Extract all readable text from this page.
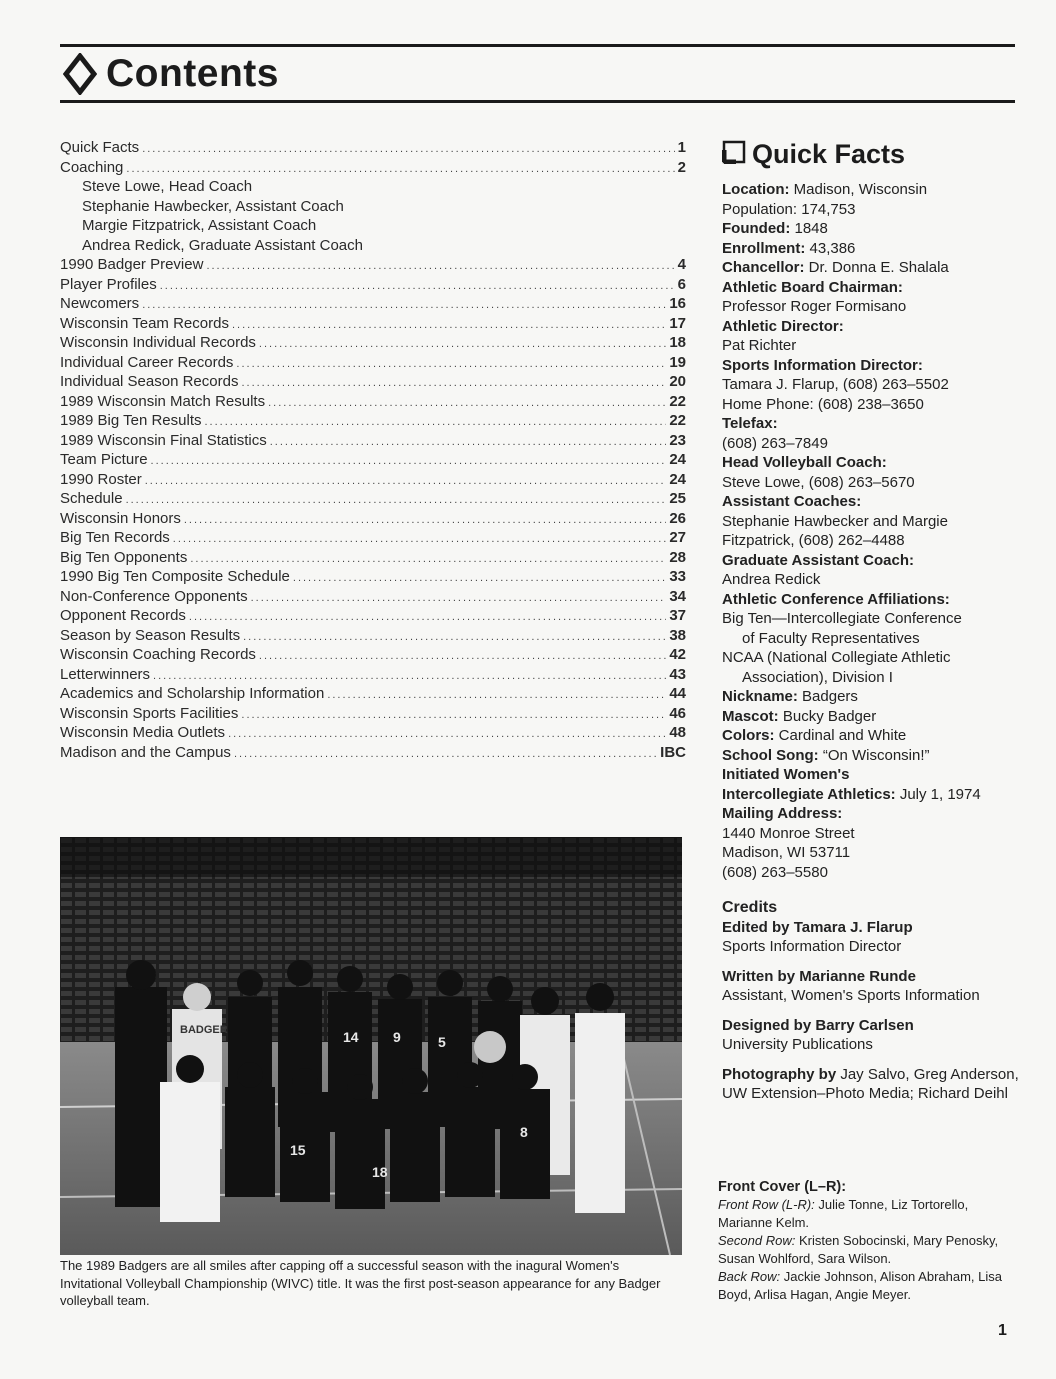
Contents
Quick Facts .....	1
Coaching .....	2
Steve Lowe, Head Coach
Stephanie Hawbecker, Assistant Coach
Margie Fitzpatrick, Assistant Coach
Andrea Redick, Graduate Assistant Coach
1990 Badger Preview .....	4
Player Profiles .....	6
Newcomers .....	16
Wisconsin Team Records .....	17
Wisconsin Individual Records .....	18
Individual Career Records .....	19
Individual Season Records .....	20
1989 Wisconsin Match Results .....	22
1989 Big Ten Results .....	22
1989 Wisconsin Final Statistics .....	23
Team Picture .....	24
1990 Roster .....	24
Schedule .....	25
Wisconsin Honors .....	26
Big Ten Records .....	27
Big Ten Opponents .....	28
1990 Big Ten Composite Schedule .....	33
Non-Conference Opponents .....	34
Opponent Records .....	37
Season by Season Results .....	38
Wisconsin Coaching Records .....	42
Letterwinners .....	43
Academics and Scholarship Information .....	44
Wisconsin Sports Facilities .....	46
Wisconsin Media Outlets .....	48
Madison and the Campus .....	IBC
14	5
15
8
9
18
BADGER
The 1989 Badgers are all smiles after capping off a successful season with the inagural Women's Invitational Volleyball Championship (WIVC) title. It was the first post-season appearance for any Badger volleyball team.
Quick Facts
Location: Madison, Wisconsin
Population: 174,753
Founded: 1848
Enrollment: 43,386
Chancellor: Dr. Donna E. Shalala
Athletic Board Chairman:
Professor Roger Formisano
Athletic Director:
Pat Richter
Sports Information Director:
Tamara J. Flarup, (608) 263–5502
Home Phone: (608) 238–3650
Telefax:
(608) 263–7849
Head Volleyball Coach:
Steve Lowe, (608) 263–5670
Assistant Coaches:
Stephanie Hawbecker and Margie
Fitzpatrick, (608) 262–4488
Graduate Assistant Coach:
Andrea Redick
Athletic Conference Affiliations:
Big Ten—Intercollegiate Conference
of Faculty Representatives
NCAA (National Collegiate Athletic
Association), Division I
Nickname: Badgers
Mascot: Bucky Badger
Colors: Cardinal and White
School Song: “On Wisconsin!”
Initiated Women's
Intercollegiate Athletics: July 1, 1974
Mailing Address:
1440 Monroe Street
Madison, WI 53711
(608) 263–5580
Credits
Edited by Tamara J. Flarup
Sports Information Director
Written by Marianne Runde
Assistant, Women's Sports Information
Designed by Barry Carlsen
University Publications
Photography by Jay Salvo, Greg Anderson, UW Extension–Photo Media; Richard Deihl
Front Cover (L–R):
Front Row (L-R): Julie Tonne, Liz Tortorello, Marianne Kelm.
Second Row: Kristen Sobocinski, Mary Penosky, Susan Wohlford, Sara Wilson.
Back Row: Jackie Johnson, Alison Abraham, Lisa Boyd, Arlisa Hagan, Angie Meyer.
1
